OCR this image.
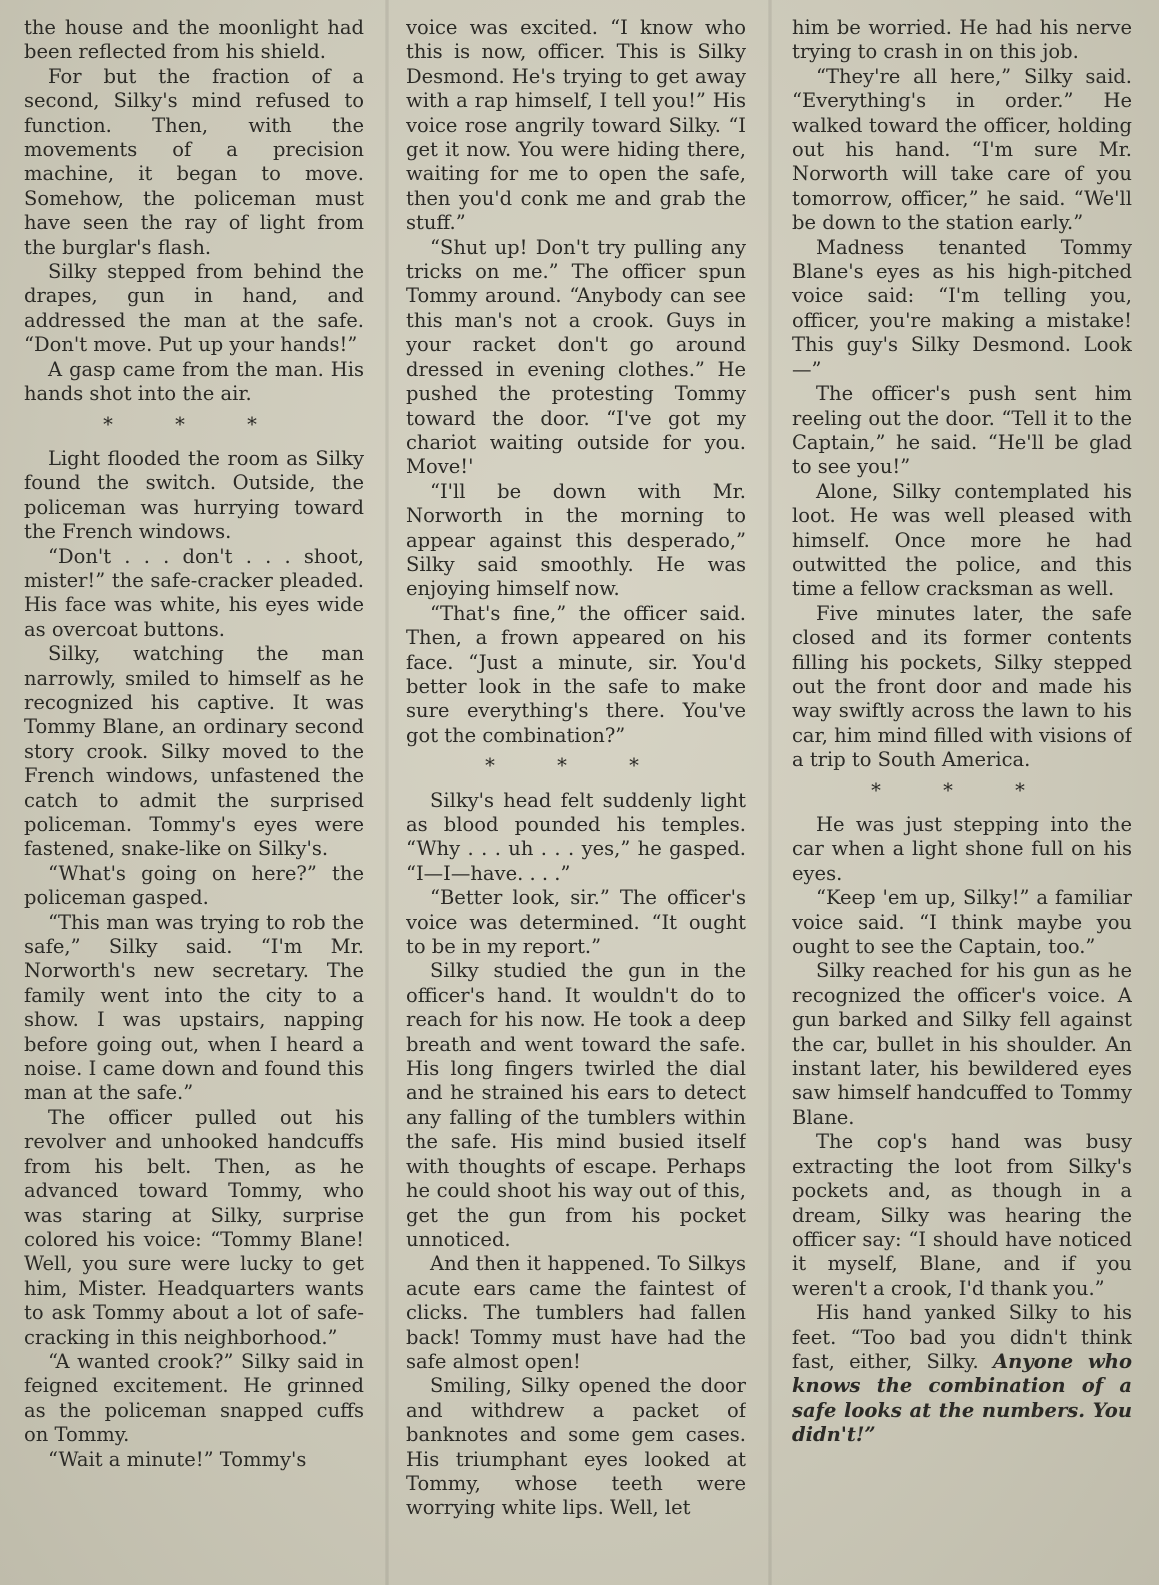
the house and the moonlight had been reflected from his shield.

For but the fraction of a second, Silky's mind refused to function. Then, with the movements of a precision machine, it began to move. Somehow, the policeman must have seen the ray of light from the burglar's flash.

Silky stepped from behind the drapes, gun in hand, and addressed the man at the safe. “Don't move. Put up your hands!”

A gasp came from the man. His hands shot into the air.

* * *

Light flooded the room as Silky found the switch. Outside, the policeman was hurrying toward the French windows.

“Don't . . . don't . . . shoot, mister!” the safe-cracker pleaded. His face was white, his eyes wide as overcoat buttons.

Silky, watching the man narrowly, smiled to himself as he recognized his captive. It was Tommy Blane, an ordinary second story crook. Silky moved to the French windows, unfastened the catch to admit the surprised policeman. Tommy's eyes were fastened, snake-like on Silky's.

“What's going on here?” the policeman gasped.

“This man was trying to rob the safe,” Silky said. “I'm Mr. Norworth's new secretary. The family went into the city to a show. I was upstairs, napping before going out, when I heard a noise. I came down and found this man at the safe.”

The officer pulled out his revolver and unhooked handcuffs from his belt. Then, as he advanced toward Tommy, who was staring at Silky, surprise colored his voice: “Tommy Blane! Well, you sure were lucky to get him, Mister. Headquarters wants to ask Tommy about a lot of safe-cracking in this neighborhood.”

“A wanted crook?” Silky said in feigned excitement. He grinned as the policeman snapped cuffs on Tommy.

“Wait a minute!” Tommy's

voice was excited. “I know who this is now, officer. This is Silky Desmond. He's trying to get away with a rap himself, I tell you!” His voice rose angrily toward Silky. “I get it now. You were hiding there, waiting for me to open the safe, then you'd conk me and grab the stuff.”

“Shut up! Don't try pulling any tricks on me.” The officer spun Tommy around. “Anybody can see this man's not a crook. Guys in your racket don't go around dressed in evening clothes.” He pushed the protesting Tommy toward the door. “I've got my chariot waiting outside for you. Move!'

“I'll be down with Mr. Norworth in the morning to appear against this desperado,” Silky said smoothly. He was enjoying himself now.

“That's fine,” the officer said. Then, a frown appeared on his face. “Just a minute, sir. You'd better look in the safe to make sure everything's there. You've got the combination?”

* * *

Silky's head felt suddenly light as blood pounded his temples. “Why . . . uh . . . yes,” he gasped. “I—I—have. . . .”

“Better look, sir.” The officer's voice was determined. “It ought to be in my report.”

Silky studied the gun in the officer's hand. It wouldn't do to reach for his now. He took a deep breath and went toward the safe. His long fingers twirled the dial and he strained his ears to detect any falling of the tumblers within the safe. His mind busied itself with thoughts of escape. Perhaps he could shoot his way out of this, get the gun from his pocket unnoticed.

And then it happened. To Silkys acute ears came the faintest of clicks. The tumblers had fallen back! Tommy must have had the safe almost open!

Smiling, Silky opened the door and withdrew a packet of banknotes and some gem cases. His triumphant eyes looked at Tommy, whose teeth were worrying white lips. Well, let

him be worried. He had his nerve trying to crash in on this job.

“They're all here,” Silky said. “Everything's in order.” He walked toward the officer, holding out his hand. “I'm sure Mr. Norworth will take care of you tomorrow, officer,” he said. “We'll be down to the station early.”

Madness tenanted Tommy Blane's eyes as his high-pitched voice said: “I'm telling you, officer, you're making a mistake! This guy's Silky Desmond. Look—”

The officer's push sent him reeling out the door. “Tell it to the Captain,” he said. “He'll be glad to see you!”

Alone, Silky contemplated his loot. He was well pleased with himself. Once more he had outwitted the police, and this time a fellow cracksman as well.

Five minutes later, the safe closed and its former contents filling his pockets, Silky stepped out the front door and made his way swiftly across the lawn to his car, him mind filled with visions of a trip to South America.

* * *

He was just stepping into the car when a light shone full on his eyes.

“Keep 'em up, Silky!” a familiar voice said. “I think maybe you ought to see the Captain, too.”

Silky reached for his gun as he recognized the officer's voice. A gun barked and Silky fell against the car, bullet in his shoulder. An instant later, his bewildered eyes saw himself handcuffed to Tommy Blane.

The cop's hand was busy extracting the loot from Silky's pockets and, as though in a dream, Silky was hearing the officer say: “I should have noticed it myself, Blane, and if you weren't a crook, I'd thank you.”

His hand yanked Silky to his feet. “Too bad you didn't think fast, either, Silky. Anyone who knows the combination of a safe looks at the numbers. You didn't!”
